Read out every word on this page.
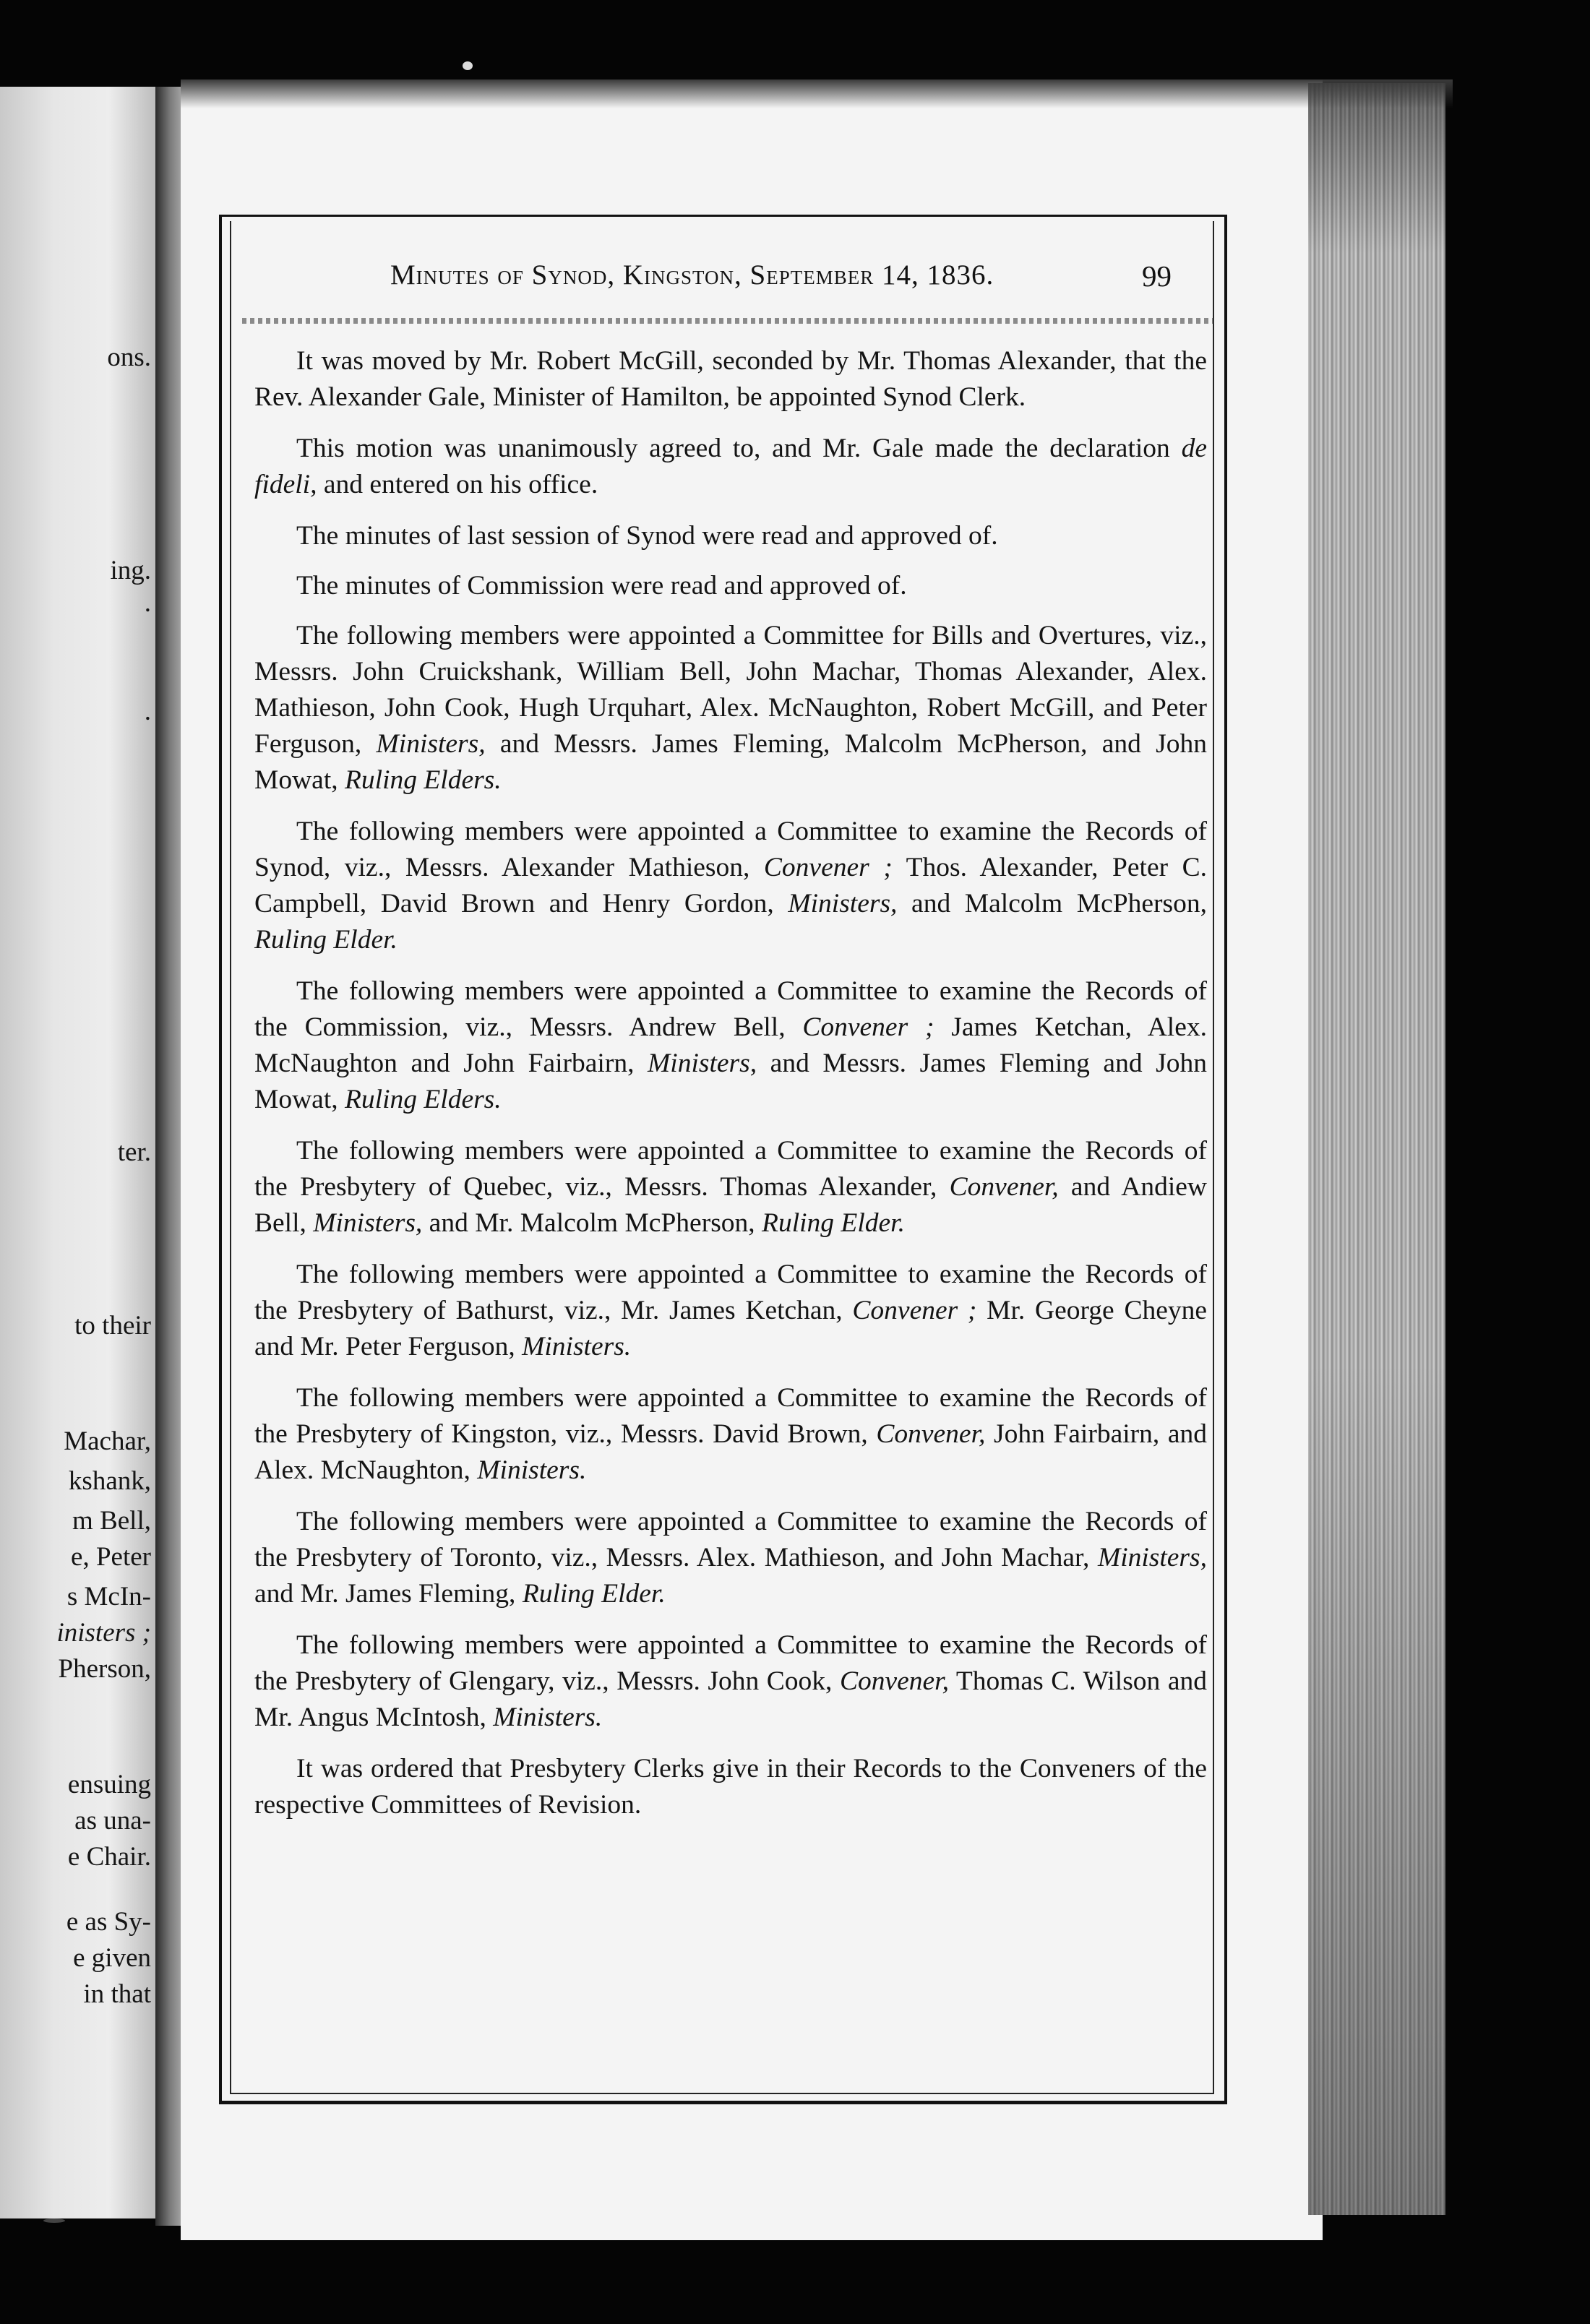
ons.
ing.
.
.
ter.
to their
Machar,
kshank,
m Bell,
e, Peter
s McIn-
inisters ;
Pherson,
ensuing
as una-
e Chair.
e as Sy-
e given
in that
Minutes of Synod, Kingston, September 14, 1836.	99

It was moved by Mr. Robert McGill, seconded by Mr. Thomas Alexander, that the Rev. Alexander Gale, Minister of Hamilton, be appointed Synod Clerk.

This motion was unanimously agreed to, and Mr. Gale made the declaration de fideli, and entered on his office.

The minutes of last session of Synod were read and approved of.

The minutes of Commission were read and approved of.

The following members were appointed a Committee for Bills and Overtures, viz., Messrs. John Cruickshank, William Bell, John Machar, Thomas Alexander, Alex. Mathieson, John Cook, Hugh Urquhart, Alex. McNaughton, Robert McGill, and Peter Ferguson, Ministers, and Messrs. James Fleming, Malcolm McPherson, and John Mowat, Ruling Elders.

The following members were appointed a Committee to examine the Records of Synod, viz., Messrs. Alexander Mathieson, Convener ; Thos. Alexander, Peter C. Campbell, David Brown and Henry Gordon, Ministers, and Malcolm McPherson, Ruling Elder.

The following members were appointed a Committee to examine the Records of the Commission, viz., Messrs. Andrew Bell, Convener ; James Ketchan, Alex. McNaughton and John Fairbairn, Ministers, and Messrs. James Fleming and John Mowat, Ruling Elders.

The following members were appointed a Committee to examine the Records of the Presbytery of Quebec, viz., Messrs. Thomas Alexander, Convener, and Andiew Bell, Ministers, and Mr. Malcolm McPherson, Ruling Elder.

The following members were appointed a Committee to examine the Records of the Presbytery of Bathurst, viz., Mr. James Ketchan, Convener ; Mr. George Cheyne and Mr. Peter Ferguson, Ministers.

The following members were appointed a Committee to examine the Records of the Presbytery of Kingston, viz., Messrs. David Brown, Convener, John Fairbairn, and Alex. McNaughton, Ministers.

The following members were appointed a Committee to examine the Records of the Presbytery of Toronto, viz., Messrs. Alex. Mathieson, and John Machar, Ministers, and Mr. James Fleming, Ruling Elder.

The following members were appointed a Committee to examine the Records of the Presbytery of Glengary, viz., Messrs. John Cook, Convener, Thomas C. Wilson and Mr. Angus McIntosh, Ministers.

It was ordered that Presbytery Clerks give in their Records to the Conveners of the respective Committees of Revision.
